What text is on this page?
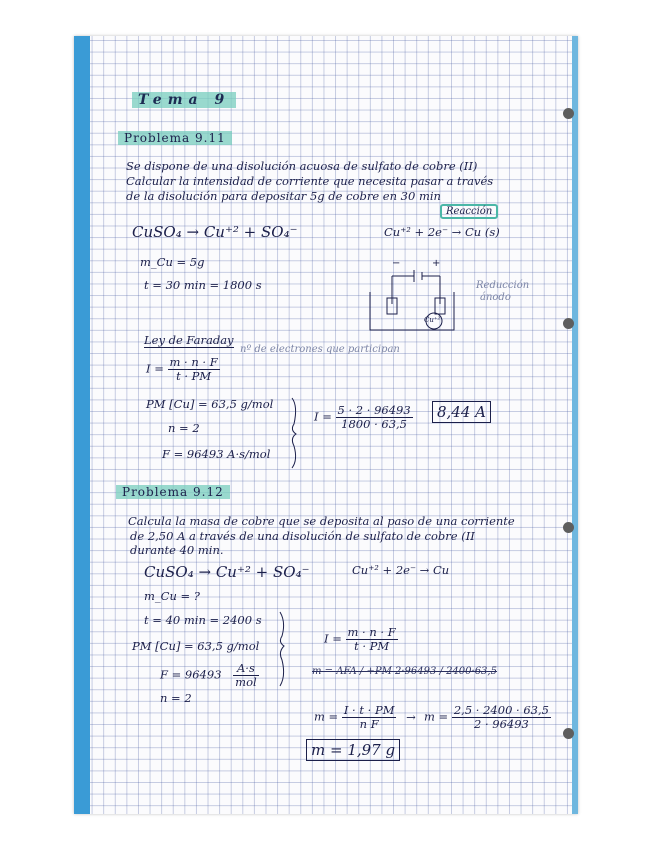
Tema 9
Problema 9.11
Se dispone de una disolución acuosa de sulfato de cobre (II)
Calcular la intensidad de corriente que necesita pasar a través
de la disolución para depositar 5g de cobre en 30 min
Reacción
CuSO₄ → Cu⁺² + SO₄⁻	Cu⁺² + 2e⁻ → Cu (s)
m_Cu = 5g
t = 30 min = 1800 s
−	+
Cu⁺²
Reducción
ánodo
Ley de Faraday
nº de electrones que participan
$I = \frac{m \cdot n \cdot F}{t \cdot PM}$
PM [Cu] = 63,5 g/mol
n = 2
F = 96493 A·s/mol
$I = \frac{5 \cdot 2 \cdot 96493}{1800 \cdot 63,5}$	8,44 A
Problema 9.12
Calcula la masa de cobre que se deposita al paso de una corriente
de 2,50 A a través de una disolución de sulfato de cobre (II
durante 40 min.
CuSO₄ → Cu⁺² + SO₄⁻	Cu⁺² + 2e⁻ → Cu
m_Cu = ?
t = 40 min = 2400 s
PM [Cu] = 63,5 g/mol
$F = 96493 \frac{A\cdot s}{\text{mol}}$
n = 2
$I = \frac{m \cdot n \cdot F}{t \cdot PM}$
m = AFA / +PM 2·96493 / 2400·63,5
$m = \frac{I \cdot t \cdot PM}{\text{n F}} \to m = \frac{2,5 \cdot 2400 \cdot 63,5}{2 \cdot 96493}$
m = 1,97 g
